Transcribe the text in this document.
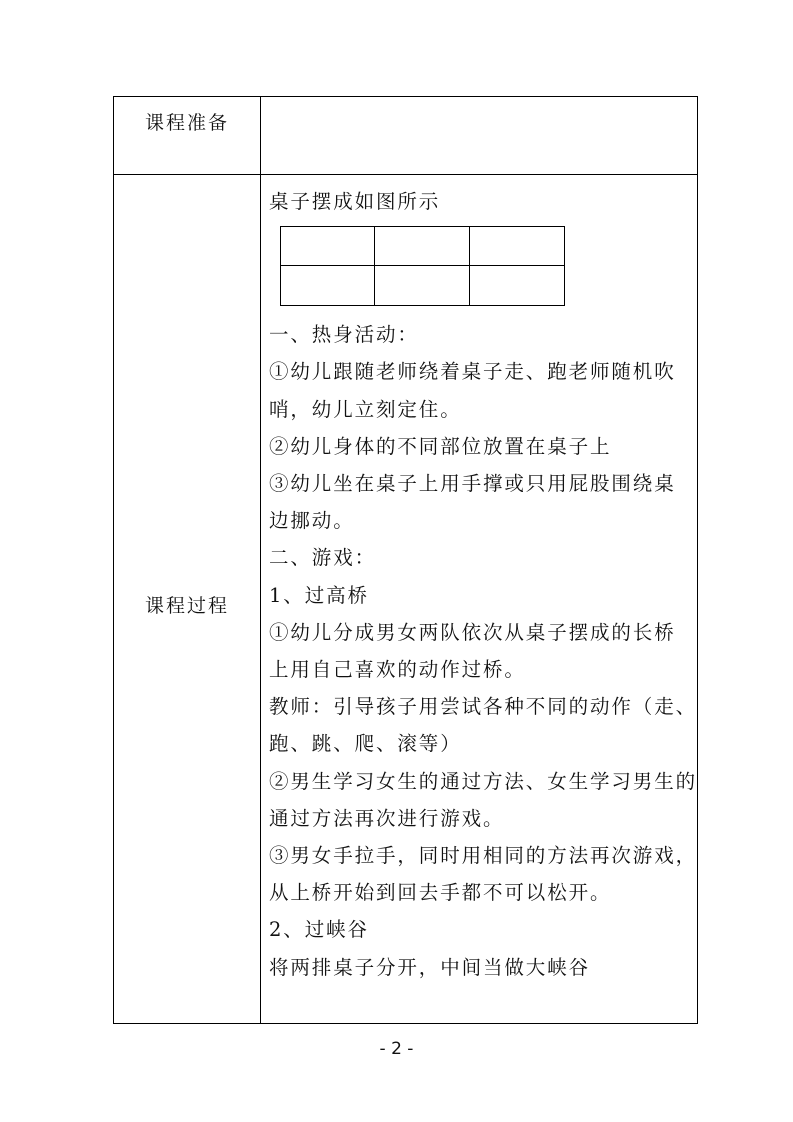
课程准备
课程过程
桌子摆成如图所示
一、热身活动：
①幼儿跟随老师绕着桌子走、跑老师随机吹
哨，幼儿立刻定住。
②幼儿身体的不同部位放置在桌子上
③幼儿坐在桌子上用手撑或只用屁股围绕桌
边挪动。
二、游戏：
1、过高桥
①幼儿分成男女两队依次从桌子摆成的长桥
上用自己喜欢的动作过桥。
教师：引导孩子用尝试各种不同的动作（走、
跑、跳、爬、滚等）
②男生学习女生的通过方法、女生学习男生的
通过方法再次进行游戏。
③男女手拉手，同时用相同的方法再次游戏，
从上桥开始到回去手都不可以松开。
2、过峡谷
将两排桌子分开，中间当做大峡谷
- 2 -
